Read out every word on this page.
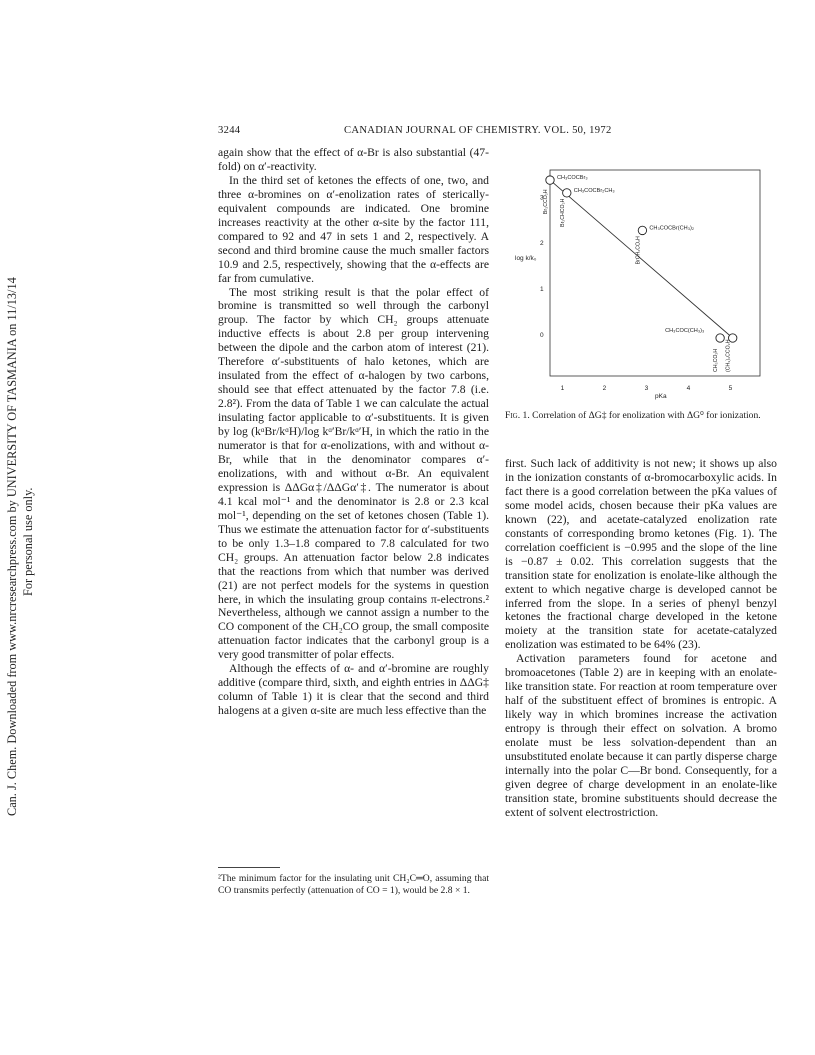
Can. J. Chem. Downloaded from www.nrcresearchpress.com by UNIVERSITY OF TASMANIA on 11/13/14 For personal use only.
3244	CANADIAN JOURNAL OF CHEMISTRY. VOL. 50, 1972

again show that the effect of α-Br is also substantial (47-fold) on α′-reactivity.

In the third set of ketones the effects of one, two, and three α-bromines on α′-enolization rates of sterically-equivalent compounds are indicated. One bromine increases reactivity at the other α-site by the factor 111, compared to 92 and 47 in sets 1 and 2, respectively. A second and third bromine cause the much smaller factors 10.9 and 2.5, respectively, showing that the α-effects are far from cumulative.

The most striking result is that the polar effect of bromine is transmitted so well through the carbonyl group. The factor by which CH₂ groups attenuate inductive effects is about 2.8 per group intervening between the dipole and the carbon atom of interest (21). Therefore α′-substituents of halo ketones, which are insulated from the effect of α-halogen by two carbons, should see that effect attenuated by the factor 7.8 (i.e. 2.8²). From the data of Table 1 we can calculate the actual insulating factor applicable to α′-substituents. It is given by log (kᵅBr/kᵅH)/log kᵅ′Br/kᵅ′H, in which the ratio in the numerator is that for α-enolizations, with and without α-Br, while that in the denominator compares α′-enolizations, with and without α-Br. An equivalent expression is ΔΔGα‡/ΔΔGα′‡. The numerator is about 4.1 kcal mol⁻¹ and the denominator is 2.8 or 2.3 kcal mol⁻¹, depending on the set of ketones chosen (Table 1). Thus we estimate the attenuation factor for α′-substituents to be only 1.3–1.8 compared to 7.8 calculated for two CH₂ groups. An attenuation factor below 2.8 indicates that the reactions from which that number was derived (21) are not perfect models for the systems in question here, in which the insulating group contains π-electrons.² Nevertheless, although we cannot assign a number to the CO component of the CH₂CO group, the small composite attenuation factor indicates that the carbonyl group is a very good transmitter of polar effects.

Although the effects of α- and α′-bromine are roughly additive (compare third, sixth, and eighth entries in ΔΔG‡ column of Table 1) it is clear that the second and third halogens at a given α-site are much less effective than the

²The minimum factor for the insulating unit CH₂C═O, assuming that CO transmits perfectly (attenuation of CO = 1), would be 2.8 × 1.
log k/k₀
pKa
1	2	3	4	5
0
1
2
3
CH₃COCBr₃
Br₃CCO₂H	CH₃COCBr₂CH₃
Br₂CHCO₂H
CH₃COCBr(CH₃)₂
BrCH₂CO₂H
CH₃COC(CH₃)₃
CH₃CO₂H (CH₃)₃CCO₂H
Fig. 1. Correlation of ΔG‡ for enolization with ΔG⁰ for ionization.

first. Such lack of additivity is not new; it shows up also in the ionization constants of α-bromocarboxylic acids. In fact there is a good correlation between the pKa values of some model acids, chosen because their pKa values are known (22), and acetate-catalyzed enolization rate constants of corresponding bromo ketones (Fig. 1). The correlation coefficient is −0.995 and the slope of the line is −0.87 ± 0.02. This correlation suggests that the transition state for enolization is enolate-like although the extent to which negative charge is developed cannot be inferred from the slope. In a series of phenyl benzyl ketones the fractional charge developed in the ketone moiety at the transition state for acetate-catalyzed enolization was estimated to be 64% (23).

Activation parameters found for acetone and bromoacetones (Table 2) are in keeping with an enolate-like transition state. For reaction at room temperature over half of the substituent effect of bromines is entropic. A likely way in which bromines increase the activation entropy is through their effect on solvation. A bromo enolate must be less solvation-dependent than an unsubstituted enolate because it can partly disperse charge internally into the polar C—Br bond. Consequently, for a given degree of charge development in an enolate-like transition state, bromine substituents should decrease the extent of solvent electrostriction.
